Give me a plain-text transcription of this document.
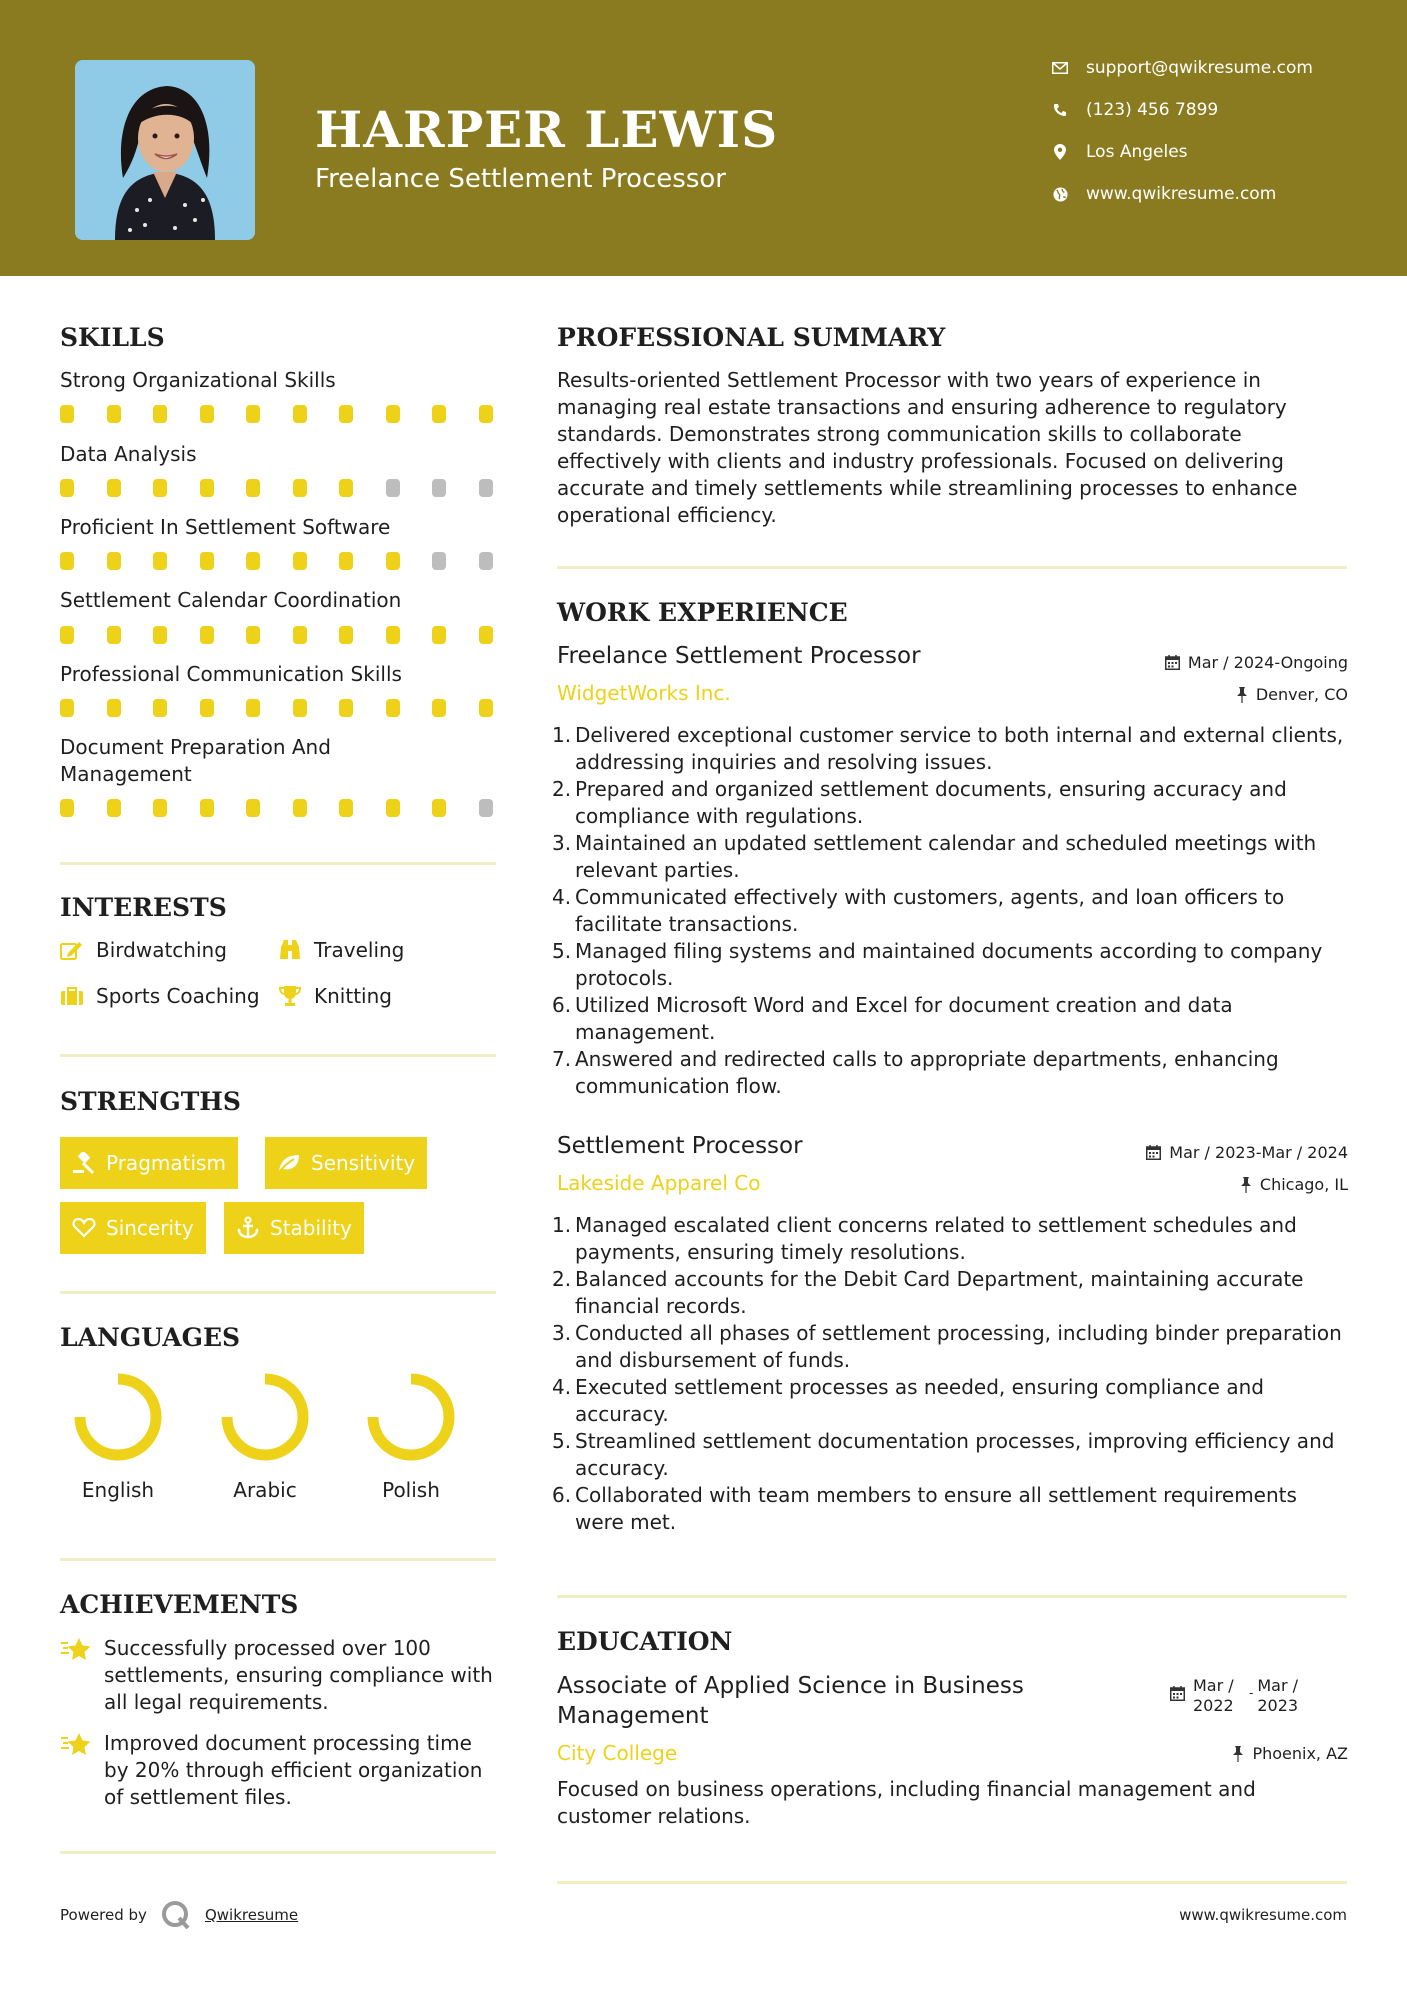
HARPER LEWIS
Freelance Settlement Processor
support@qwikresume.com
(123) 456 7899
Los Angeles
www.qwikresume.com
SKILLS
Strong Organizational Skills
Data Analysis
Proficient In Settlement Software
Settlement Calendar Coordination
Professional Communication Skills
Document Preparation And Management
INTERESTS
Birdwatching	Traveling
Sports Coaching	Knitting
STRENGTHS
Pragmatism	Sensitivity
Sincerity	Stability
LANGUAGES
English	Arabic	Polish
ACHIEVEMENTS
Successfully processed over 100 settlements, ensuring compliance with all legal requirements.
Improved document processing time by 20% through efficient organization of settlement files.
PROFESSIONAL SUMMARY
Results-oriented Settlement Processor with two years of experience in managing real estate transactions and ensuring adherence to regulatory standards. Demonstrates strong communication skills to collaborate effectively with clients and industry professionals. Focused on delivering accurate and timely settlements while streamlining processes to enhance operational efficiency.
WORK EXPERIENCE
Freelance Settlement Processor	Mar / 2024-Ongoing
WidgetWorks Inc.	Denver, CO
Delivered exceptional customer service to both internal and external clients, addressing inquiries and resolving issues.
Prepared and organized settlement documents, ensuring accuracy and compliance with regulations.
Maintained an updated settlement calendar and scheduled meetings with relevant parties.
Communicated effectively with customers, agents, and loan officers to facilitate transactions.
Managed filing systems and maintained documents according to company protocols.
Utilized Microsoft Word and Excel for document creation and data management.
Answered and redirected calls to appropriate departments, enhancing communication flow.
Settlement Processor	Mar / 2023-Mar / 2024
Lakeside Apparel Co	Chicago, IL
Managed escalated client concerns related to settlement schedules and payments, ensuring timely resolutions.
Balanced accounts for the Debit Card Department, maintaining accurate financial records.
Conducted all phases of settlement processing, including binder preparation and disbursement of funds.
Executed settlement processes as needed, ensuring compliance and accuracy.
Streamlined settlement documentation processes, improving efficiency and accuracy.
Collaborated with team members to ensure all settlement requirements were met.
EDUCATION
Associate of Applied Science in Business Management
Mar / 2022
- Mar / 2023
City College	Phoenix, AZ
Focused on business operations, including financial management and customer relations.
Powered by	Qwikresume	www.qwikresume.com
